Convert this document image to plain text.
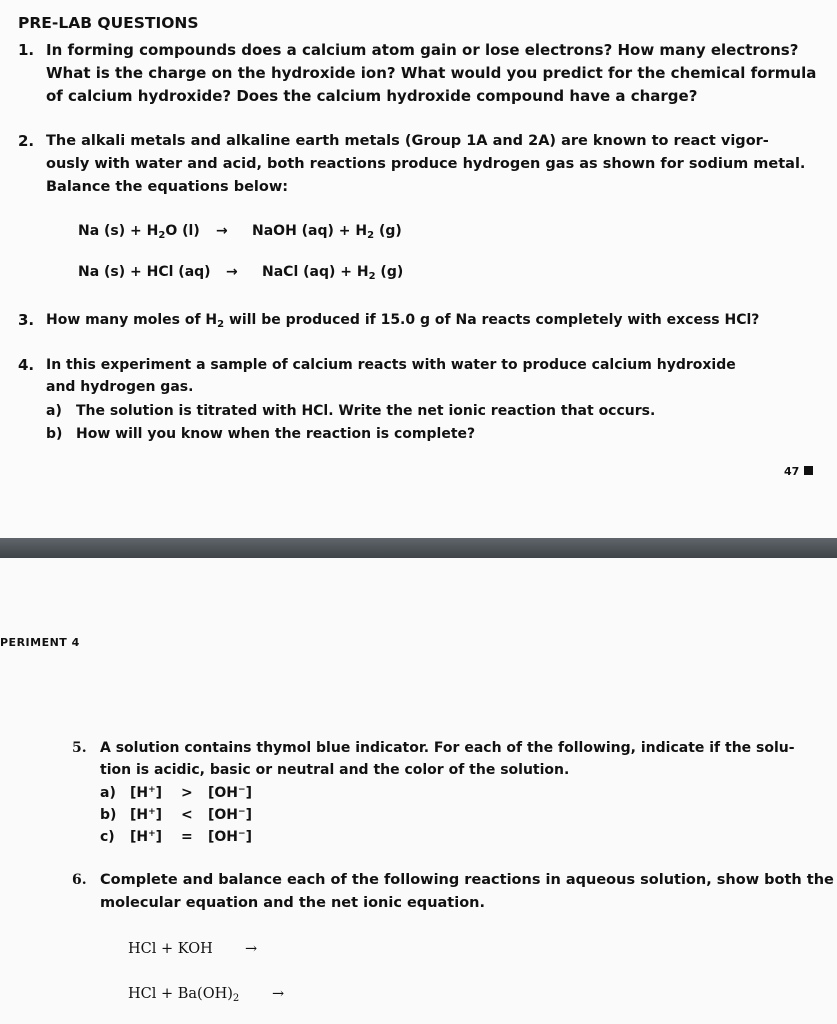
PRE-LAB QUESTIONS
1. In forming compounds does a calcium atom gain or lose electrons? How many electrons?
What is the charge on the hydroxide ion? What would you predict for the chemical formula
of calcium hydroxide? Does the calcium hydroxide compound have a charge?
2. The alkali metals and alkaline earth metals (Group 1A and 2A) are known to react vigor-
ously with water and acid, both reactions produce hydrogen gas as shown for sodium metal.
Balance the equations below:
Na $(s) + H_2O$ (l) → NaOH $(aq) + H_2$ (g)
Na (s) + HCl (aq) → NaCl $(aq) + H_2$ (g)
3. How many moles of $H_2$ will be produced if 15.0 g of Na reacts completely with excess HCl?
4. In this experiment a sample of calcium reacts with water to produce calcium hydroxide
and hydrogen gas.
a) The solution is titrated with HCl. Write the net ionic reaction that occurs.
b) How will you know when the reaction is complete?
47
PERIMENT 4
5. A solution contains thymol blue indicator. For each of the following, indicate if the solu-
tion is acidic, basic or neutral and the color of the solution.
a) [H+] > [OH−]
b) [H+] < [OH−]
c) [H+] = [OH−]
6. Complete and balance each of the following reactions in aqueous solution, show both the
molecular equation and the net ionic equation.
HCl + KOH →
HCl + $Ba(OH)_2$ →
